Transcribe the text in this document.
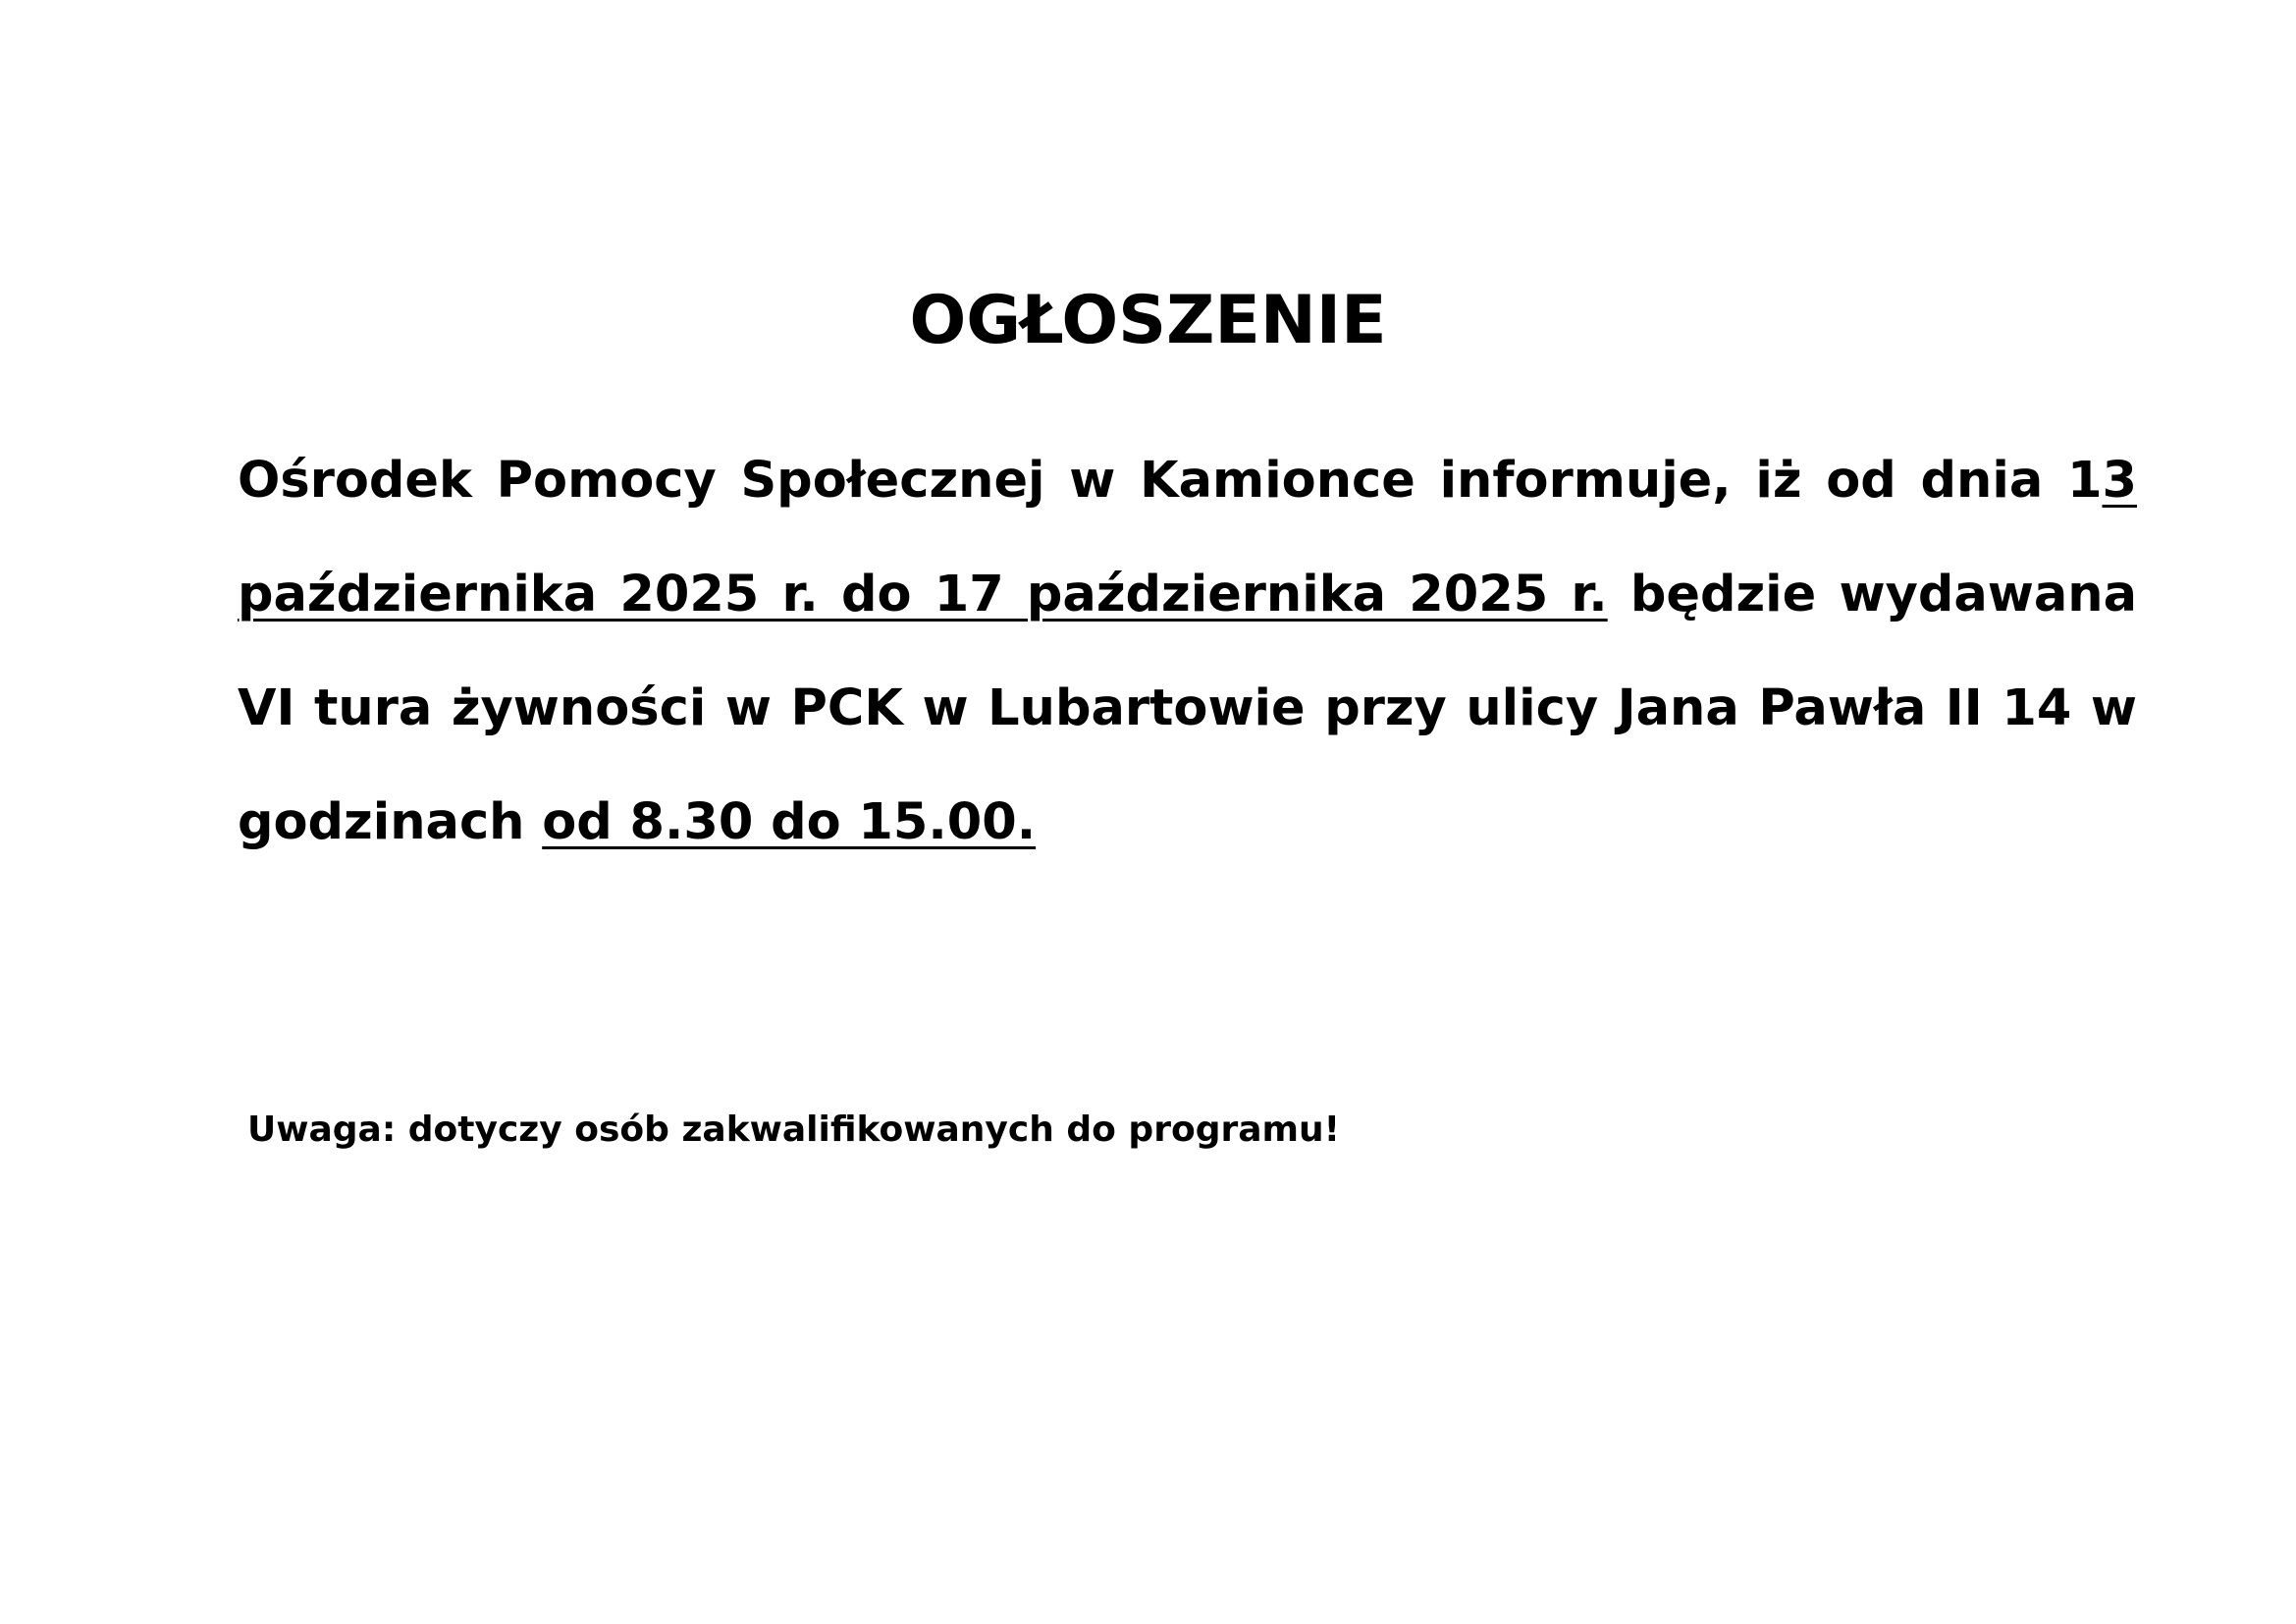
OGŁOSZENIE

Ośrodek Pomocy Społecznej w Kamionce informuje, iż od dnia 13 października 2025 r. do 17 października 2025 r. będzie wydawana VI tura żywności w PCK w Lubartowie przy ulicy Jana Pawła II 14 w godzinach od 8.30 do 15.00.

Uwaga: dotyczy osób zakwalifikowanych do programu!
